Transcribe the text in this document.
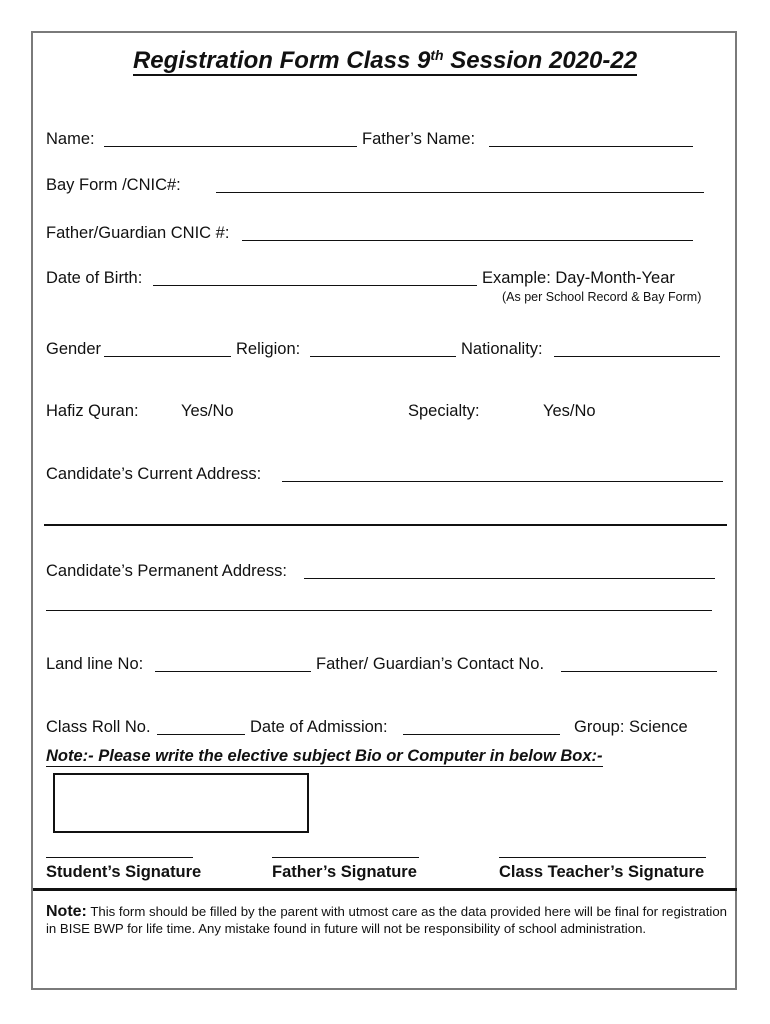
Registration Form Class 9th Session 2020-22
Name:	Father’s Name:
Bay Form /CNIC#:
Father/Guardian CNIC #:
Date of Birth:	Example: Day-Month-Year
(As per School Record & Bay Form)
Gender	Religion:	Nationality:
Hafiz Quran:	Yes/No	Specialty:	Yes/No
Candidate’s Current Address:
Candidate’s Permanent Address:
Land line No:	Father/ Guardian’s Contact No.
Class Roll No.	Date of Admission:	Group: Science
Note:- Please write the elective subject Bio or Computer in below Box:-
Student’s Signature	Father’s Signature	Class Teacher’s Signature
Note: This form should be filled by the parent with utmost care as the data provided here will be final for registration in BISE BWP for life time. Any mistake found in future will not be responsibility of school administration.
